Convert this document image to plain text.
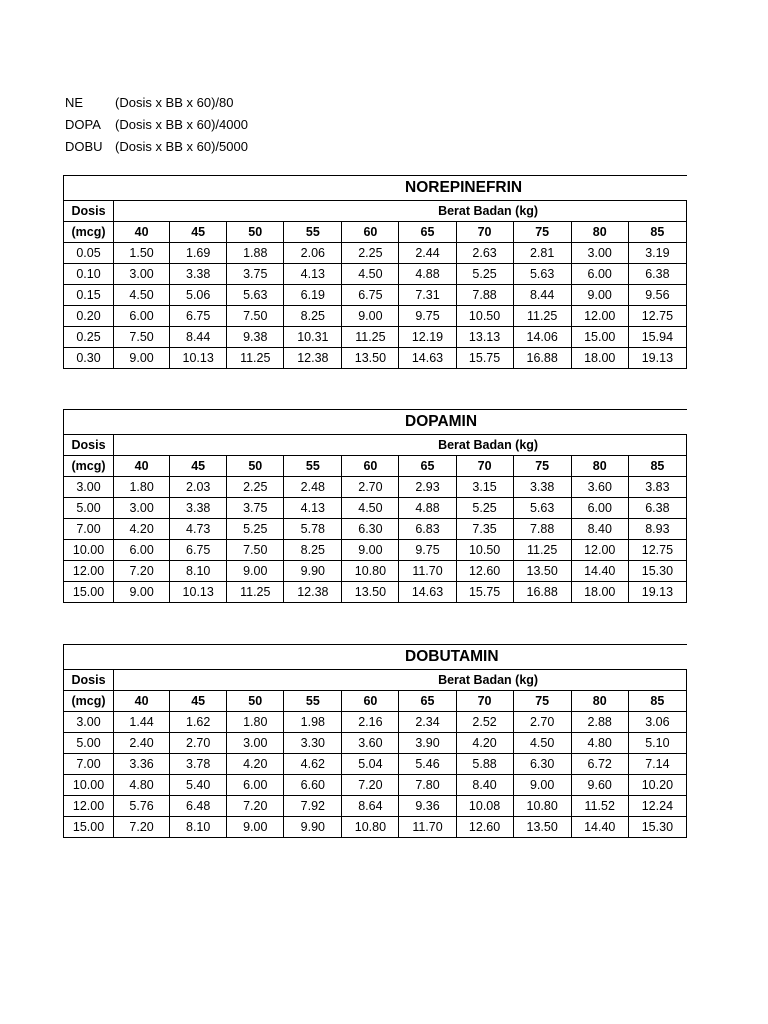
NE	(Dosis x BB x 60)/80
DOPA	(Dosis x BB x 60)/4000
DOBU (Dosis x BB x 60)/5000
NOREPINEFRIN										
Dosis	Berat Badan (kg)									
(mcg)	40	45	50	55	60	65	70	75	80	85
0.05	1.50	1.69	1.88	2.06	2.25	2.44	2.63	2.81	3.00	3.19
0.10	3.00	3.38	3.75	4.13	4.50	4.88	5.25	5.63	6.00	6.38
0.15	4.50	5.06	5.63	6.19	6.75	7.31	7.88	8.44	9.00	9.56
0.20	6.00	6.75	7.50	8.25	9.00	9.75	10.50	11.25	12.00	12.75
0.25	7.50	8.44	9.38	10.31	11.25	12.19	13.13	14.06	15.00	15.94
0.30	9.00	10.13	11.25	12.38	13.50	14.63	15.75	16.88	18.00	19.13
DOPAMIN										
Dosis	Berat Badan (kg)									
(mcg)	40	45	50	55	60	65	70	75	80	85
3.00	1.80	2.03	2.25	2.48	2.70	2.93	3.15	3.38	3.60	3.83
5.00	3.00	3.38	3.75	4.13	4.50	4.88	5.25	5.63	6.00	6.38
7.00	4.20	4.73	5.25	5.78	6.30	6.83	7.35	7.88	8.40	8.93
10.00	6.00	6.75	7.50	8.25	9.00	9.75	10.50	11.25	12.00	12.75
12.00	7.20	8.10	9.00	9.90	10.80	11.70	12.60	13.50	14.40	15.30
15.00	9.00	10.13	11.25	12.38	13.50	14.63	15.75	16.88	18.00	19.13
DOBUTAMIN										
Dosis	Berat Badan (kg)									
(mcg)	40	45	50	55	60	65	70	75	80	85
3.00	1.44	1.62	1.80	1.98	2.16	2.34	2.52	2.70	2.88	3.06
5.00	2.40	2.70	3.00	3.30	3.60	3.90	4.20	4.50	4.80	5.10
7.00	3.36	3.78	4.20	4.62	5.04	5.46	5.88	6.30	6.72	7.14
10.00	4.80	5.40	6.00	6.60	7.20	7.80	8.40	9.00	9.60	10.20
12.00	5.76	6.48	7.20	7.92	8.64	9.36	10.08	10.80	11.52	12.24
15.00	7.20	8.10	9.00	9.90	10.80	11.70	12.60	13.50	14.40	15.30
